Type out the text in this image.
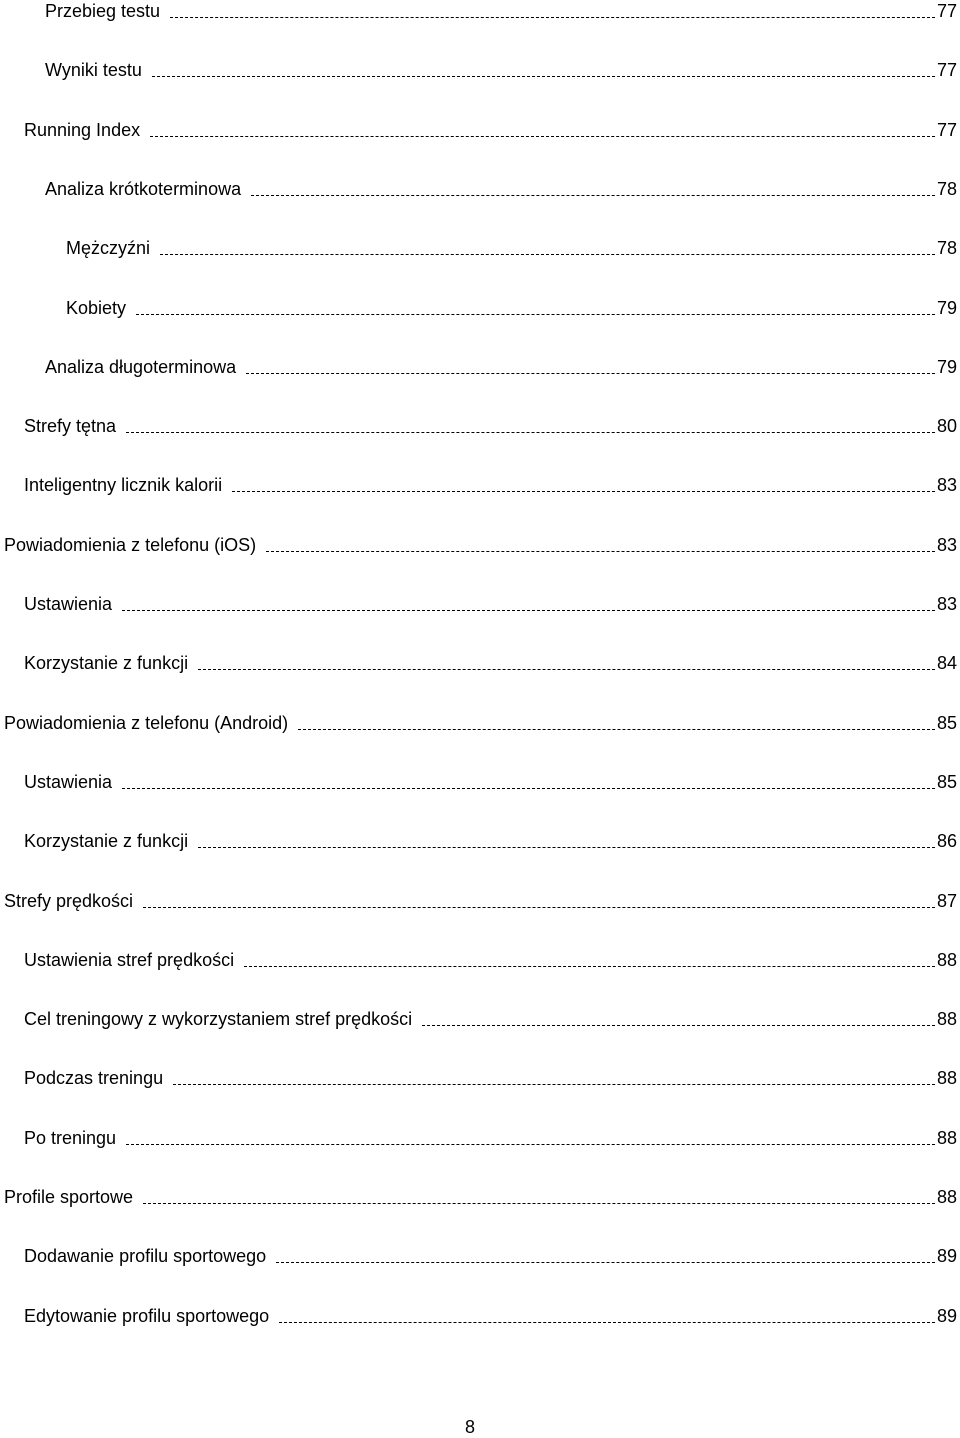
Przebieg testu	77
Wyniki testu	77
Running Index	77
Analiza krótkoterminowa	78
Mężczyźni	78
Kobiety	79
Analiza długoterminowa	79
Strefy tętna	80
Inteligentny licznik kalorii	83
Powiadomienia z telefonu (iOS)	83
Ustawienia	83
Korzystanie z funkcji	84
Powiadomienia z telefonu (Android)	85
Ustawienia	85
Korzystanie z funkcji	86
Strefy prędkości	87
Ustawienia stref prędkości	88
Cel treningowy z wykorzystaniem stref prędkości	88
Podczas treningu	88
Po treningu	88
Profile sportowe	88
Dodawanie profilu sportowego	89
Edytowanie profilu sportowego	89
8
